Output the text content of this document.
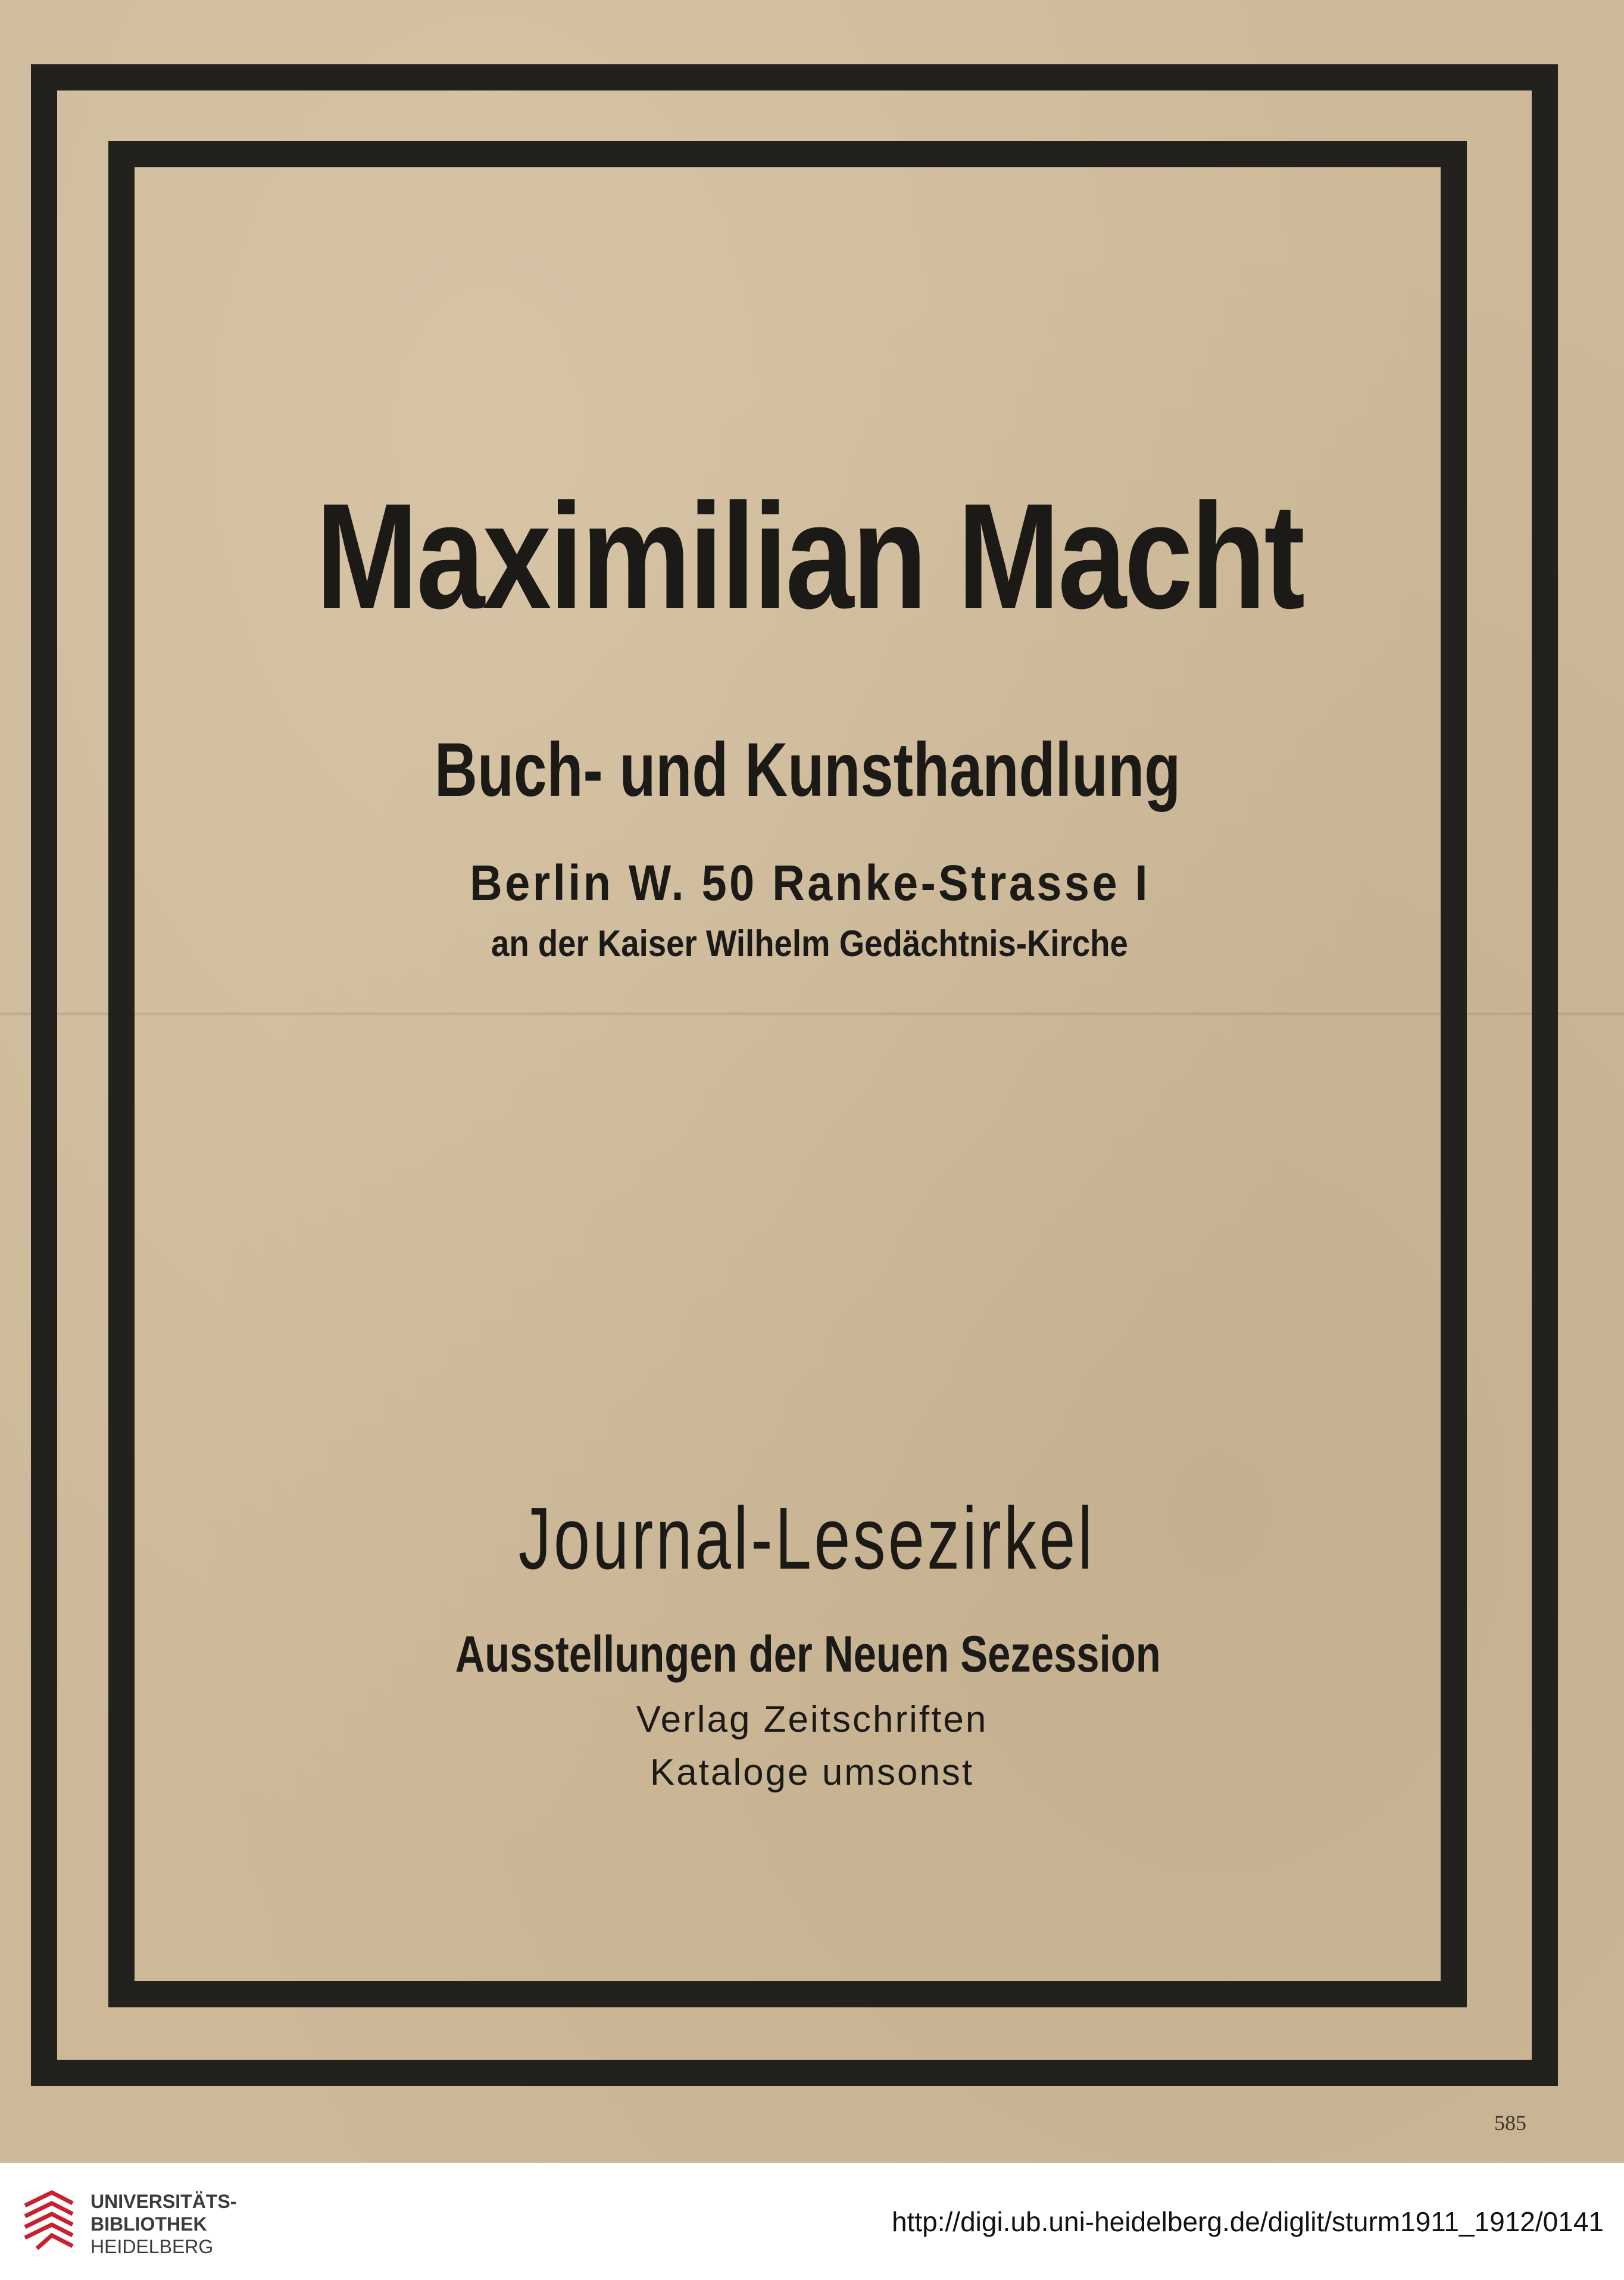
Maximilian Macht
Buch- und Kunsthandlung
Berlin W. 50 Ranke-Strasse I
an der Kaiser Wilhelm Gedächtnis-Kirche
Journal-Lesezirkel
Ausstellungen der Neuen Sezession
Verlag Zeitschriften
Kataloge umsonst
585
UNIVERSITÄTS-
BIBLIOTHEK
HEIDELBERG
http://digi.ub.uni-heidelberg.de/diglit/sturm1911_1912/0141
